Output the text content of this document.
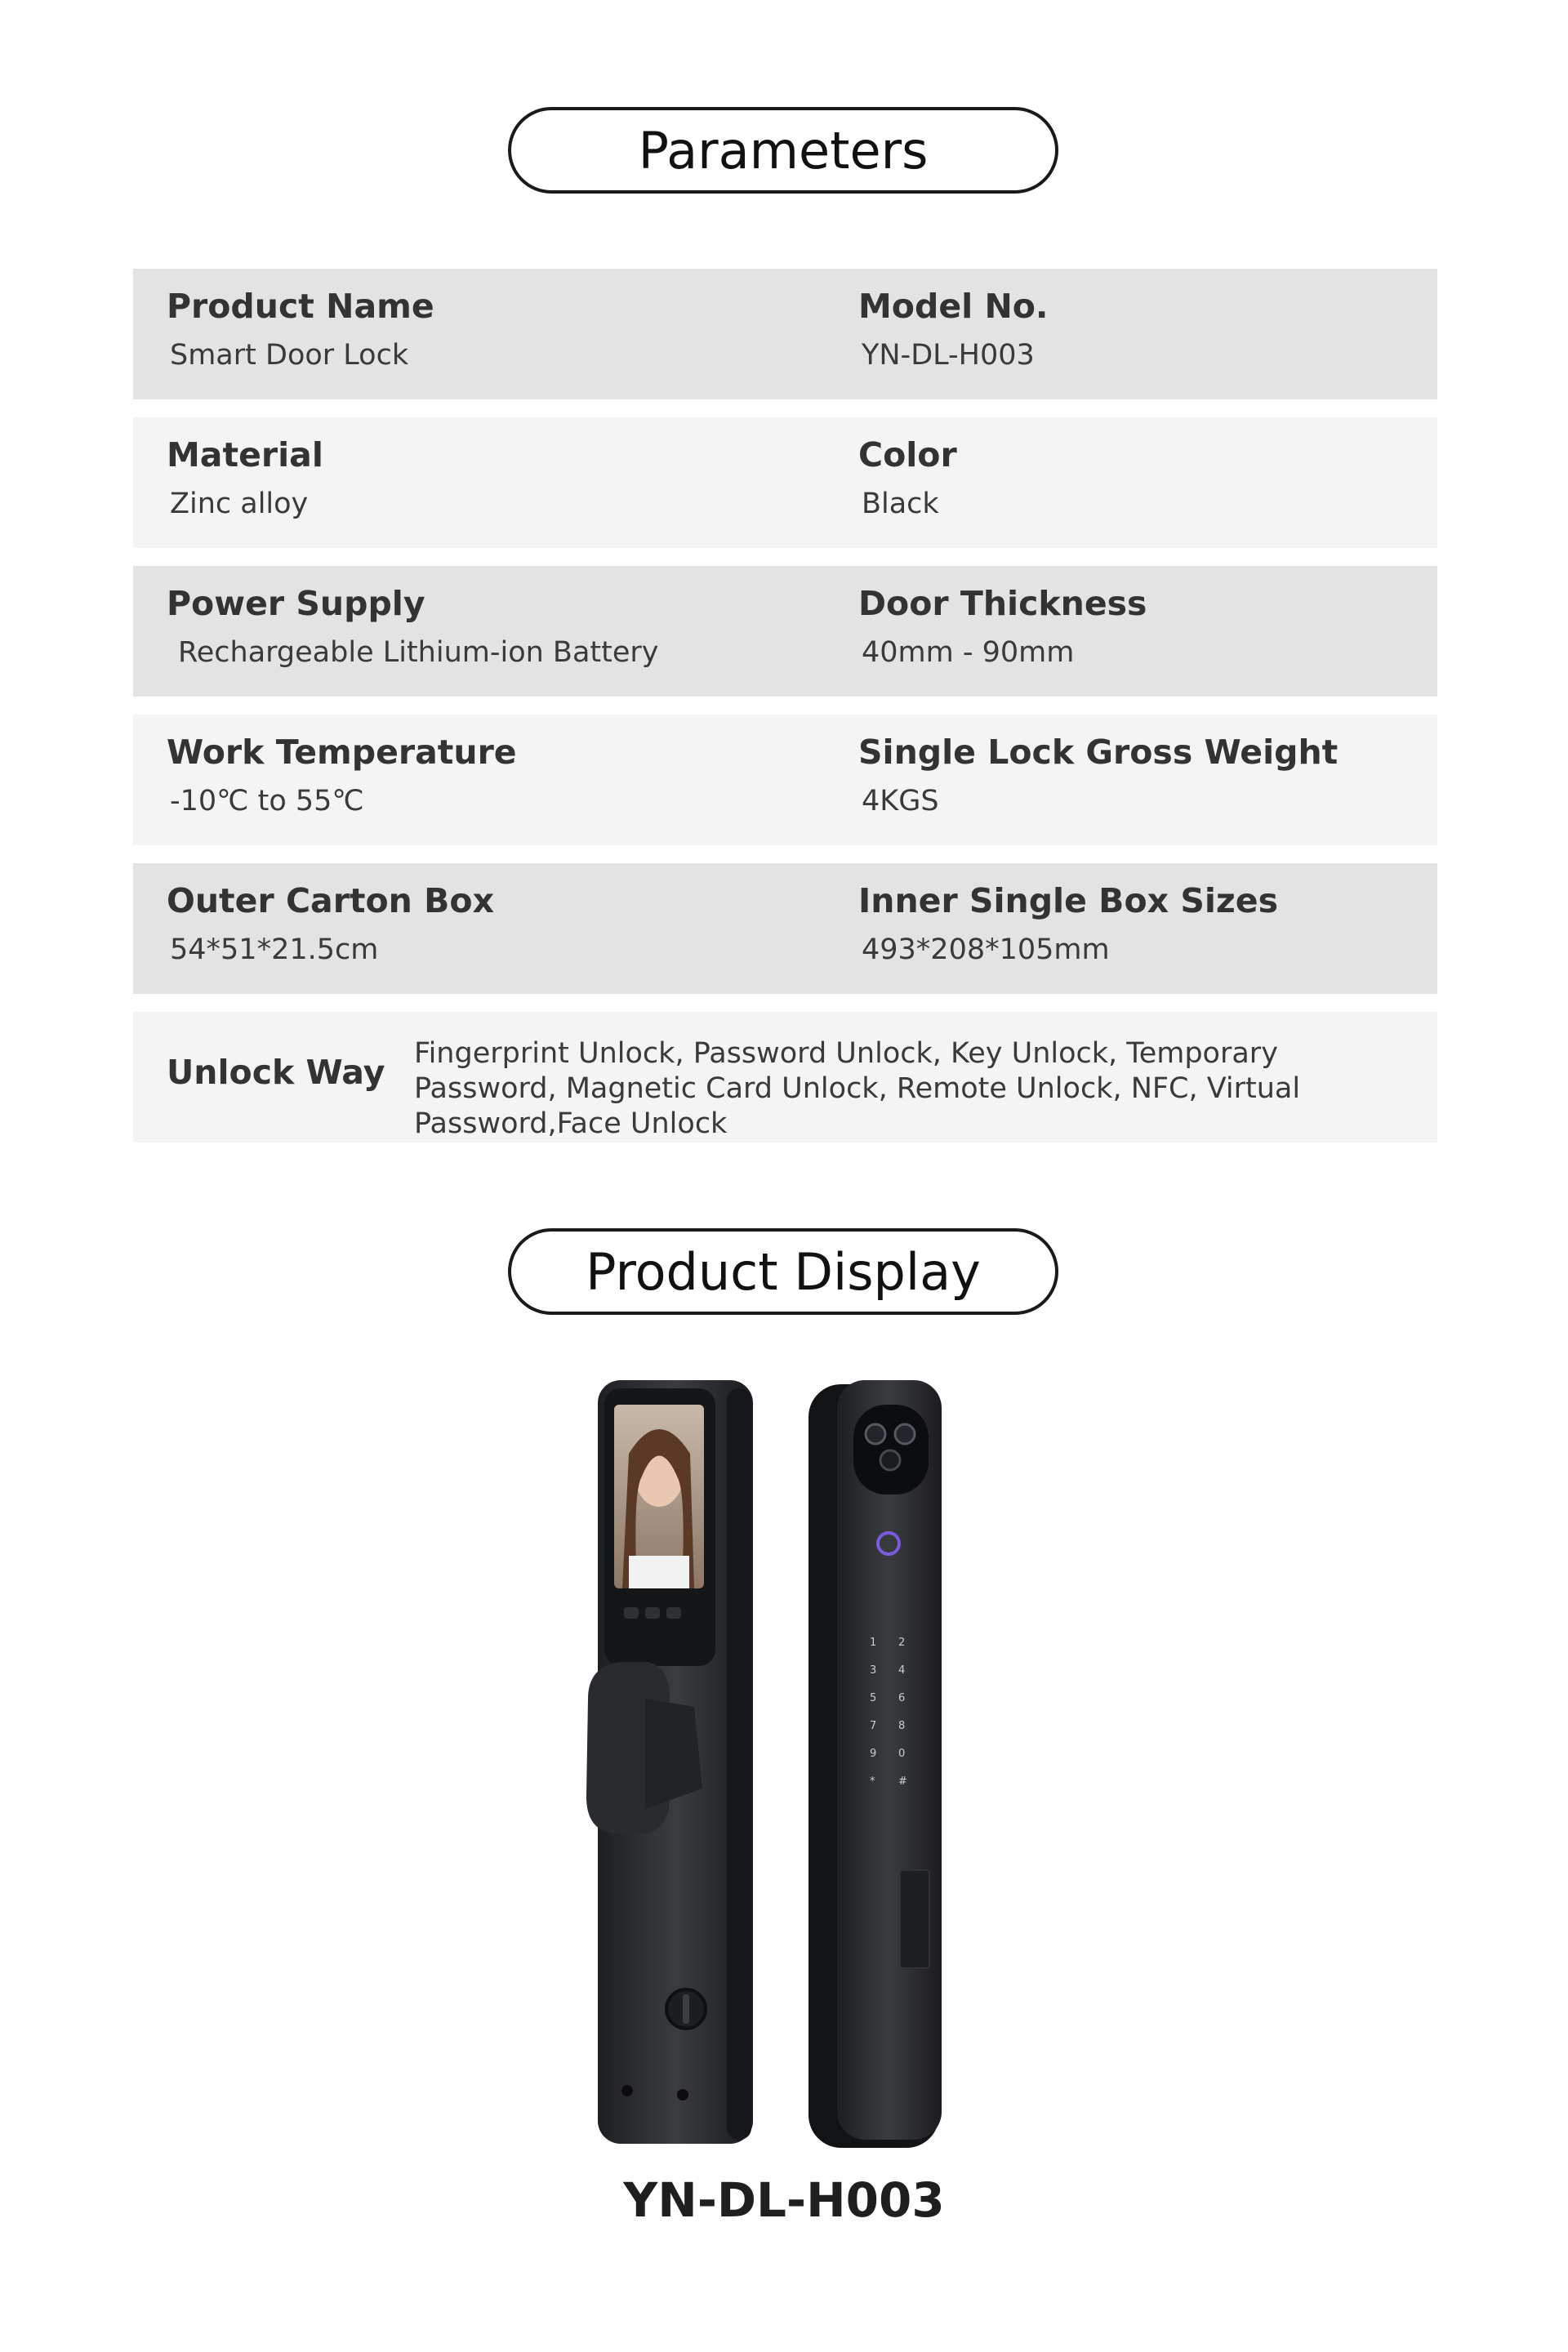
Parameters
Product Name
Smart Door Lock
Model No.
YN-DL-H003
Material
Zinc alloy
Color
Black
Power Supply
Rechargeable Lithium-ion Battery
Door Thickness
40mm - 90mm
Work Temperature
-10℃ to 55℃
Single Lock Gross Weight
4KGS
Outer Carton Box
54*51*21.5cm
Inner Single Box Sizes
493*208*105mm
Unlock Way Fingerprint Unlock, Password Unlock, Key Unlock, Temporary Password, Magnetic Card Unlock, Remote Unlock, NFC, Virtual Password,Face Unlock
Product Display
1 2
3 4
5 6
7 8
9 0
* #
YN-DL-H003
